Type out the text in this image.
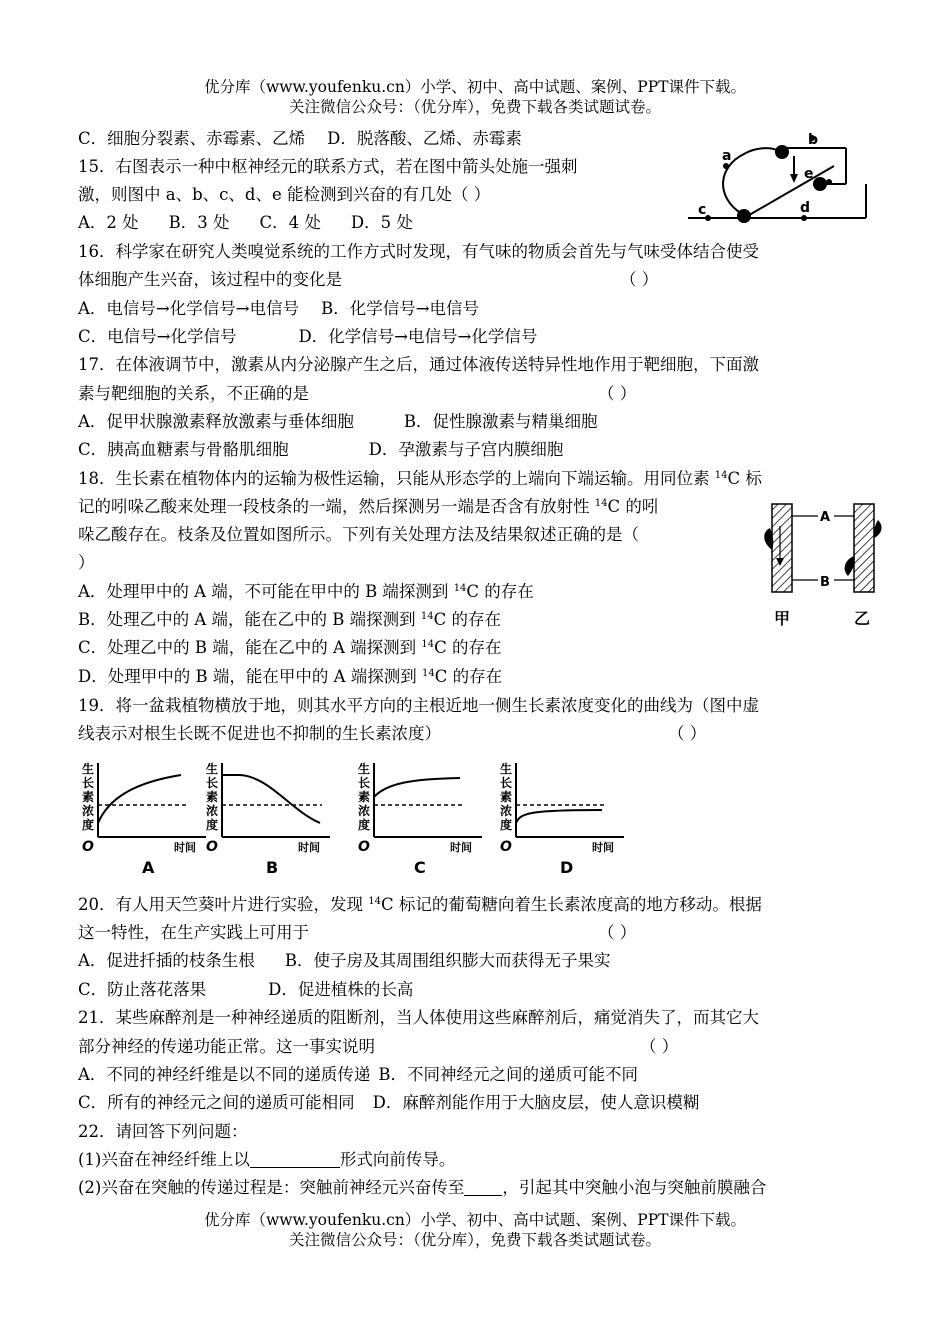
优分库（www.youfenku.cn）小学、初中、高中试题、案例、PPT课件下载。
关注微信公众号：（优分库），免费下载各类试题试卷。
C．细胞分裂素、赤霉素、乙烯 D．脱落酸、乙烯、赤霉素
15．右图表示一种中枢神经元的联系方式，若在图中箭头处施一强刺
激，则图中 a、b、c、d、e 能检测到兴奋的有几处（ ）
A．2 处 B．3 处 C．4 处 D．5 处
a
b
c	d
e
16．科学家在研究人类嗅觉系统的工作方式时发现，有气味的物质会首先与气味受体结合使受
体细胞产生兴奋，该过程中的变化是	（ ）
A．电信号→化学信号→电信号 B．化学信号→电信号
C．电信号→化学信号	D．化学信号→电信号→化学信号
17．在体液调节中，激素从内分泌腺产生之后，通过体液传送特异性地作用于靶细胞，下面激
素与靶细胞的关系，不正确的是	（ ）
A．促甲状腺激素释放激素与垂体细胞	B．促性腺激素与精巢细胞
C．胰高血糖素与骨骼肌细胞	D．孕激素与子宫内膜细胞
18．生长素在植物体内的运输为极性运输，只能从形态学的上端向下端运输。用同位素 $^{14}$C 标
记的吲哚乙酸来处理一段枝条的一端，然后探测另一端是否含有放射性 $^{14}$C 的吲
哚乙酸存在。枝条及位置如图所示。下列有关处理方法及结果叙述正确的是（
）
A．处理甲中的 A 端，不可能在甲中的 B 端探测到 $^{14}$C 的存在
B．处理乙中的 A 端，能在乙中的 B 端探测到 $^{14}$C 的存在
C．处理乙中的 B 端，能在乙中的 A 端探测到 $^{14}$C 的存在
D．处理甲中的 B 端，能在甲中的 A 端探测到 $^{14}$C 的存在
A
B
甲	乙
19．将一盆栽植物横放于地，则其水平方向的主根近地一侧生长素浓度变化的曲线为（图中虚
线表示对根生长既不促进也不抑制的生长素浓度）	（ ）
生
长
素
浓
度
O	时间
A
生
长
素
浓
度
O	时间
B
生
长
素
浓
度
O	时间
C
生
长
素
浓
度
O	时间
D
20．有人用天竺葵叶片进行实验，发现 $^{14}$C 标记的葡萄糖向着生长素浓度高的地方移动。根据
这一特性，在生产实践上可用于	（ ）
A．促进扦插的枝条生根 B．使子房及其周围组织膨大而获得无子果实
C．防止落花落果	D．促进植株的长高
21．某些麻醉剂是一种神经递质的阻断剂，当人体使用这些麻醉剂后，痛觉消失了，而其它大
部分神经的传递功能正常。这一事实说明	（ ）
A．不同的神经纤维是以不同的递质传递 B．不同神经元之间的递质可能不同
C．所有的神经元之间的递质可能相同 D．麻醉剂能作用于大脑皮层，使人意识模糊
22．请回答下列问题：
(1)兴奋在神经纤维上以	形式向前传导。
(2)兴奋在突触的传递过程是：突触前神经元兴奋传至 ，引起其中突触小泡与突触前膜融合
优分库（www.youfenku.cn）小学、初中、高中试题、案例、PPT课件下载。
关注微信公众号：（优分库），免费下载各类试题试卷。
